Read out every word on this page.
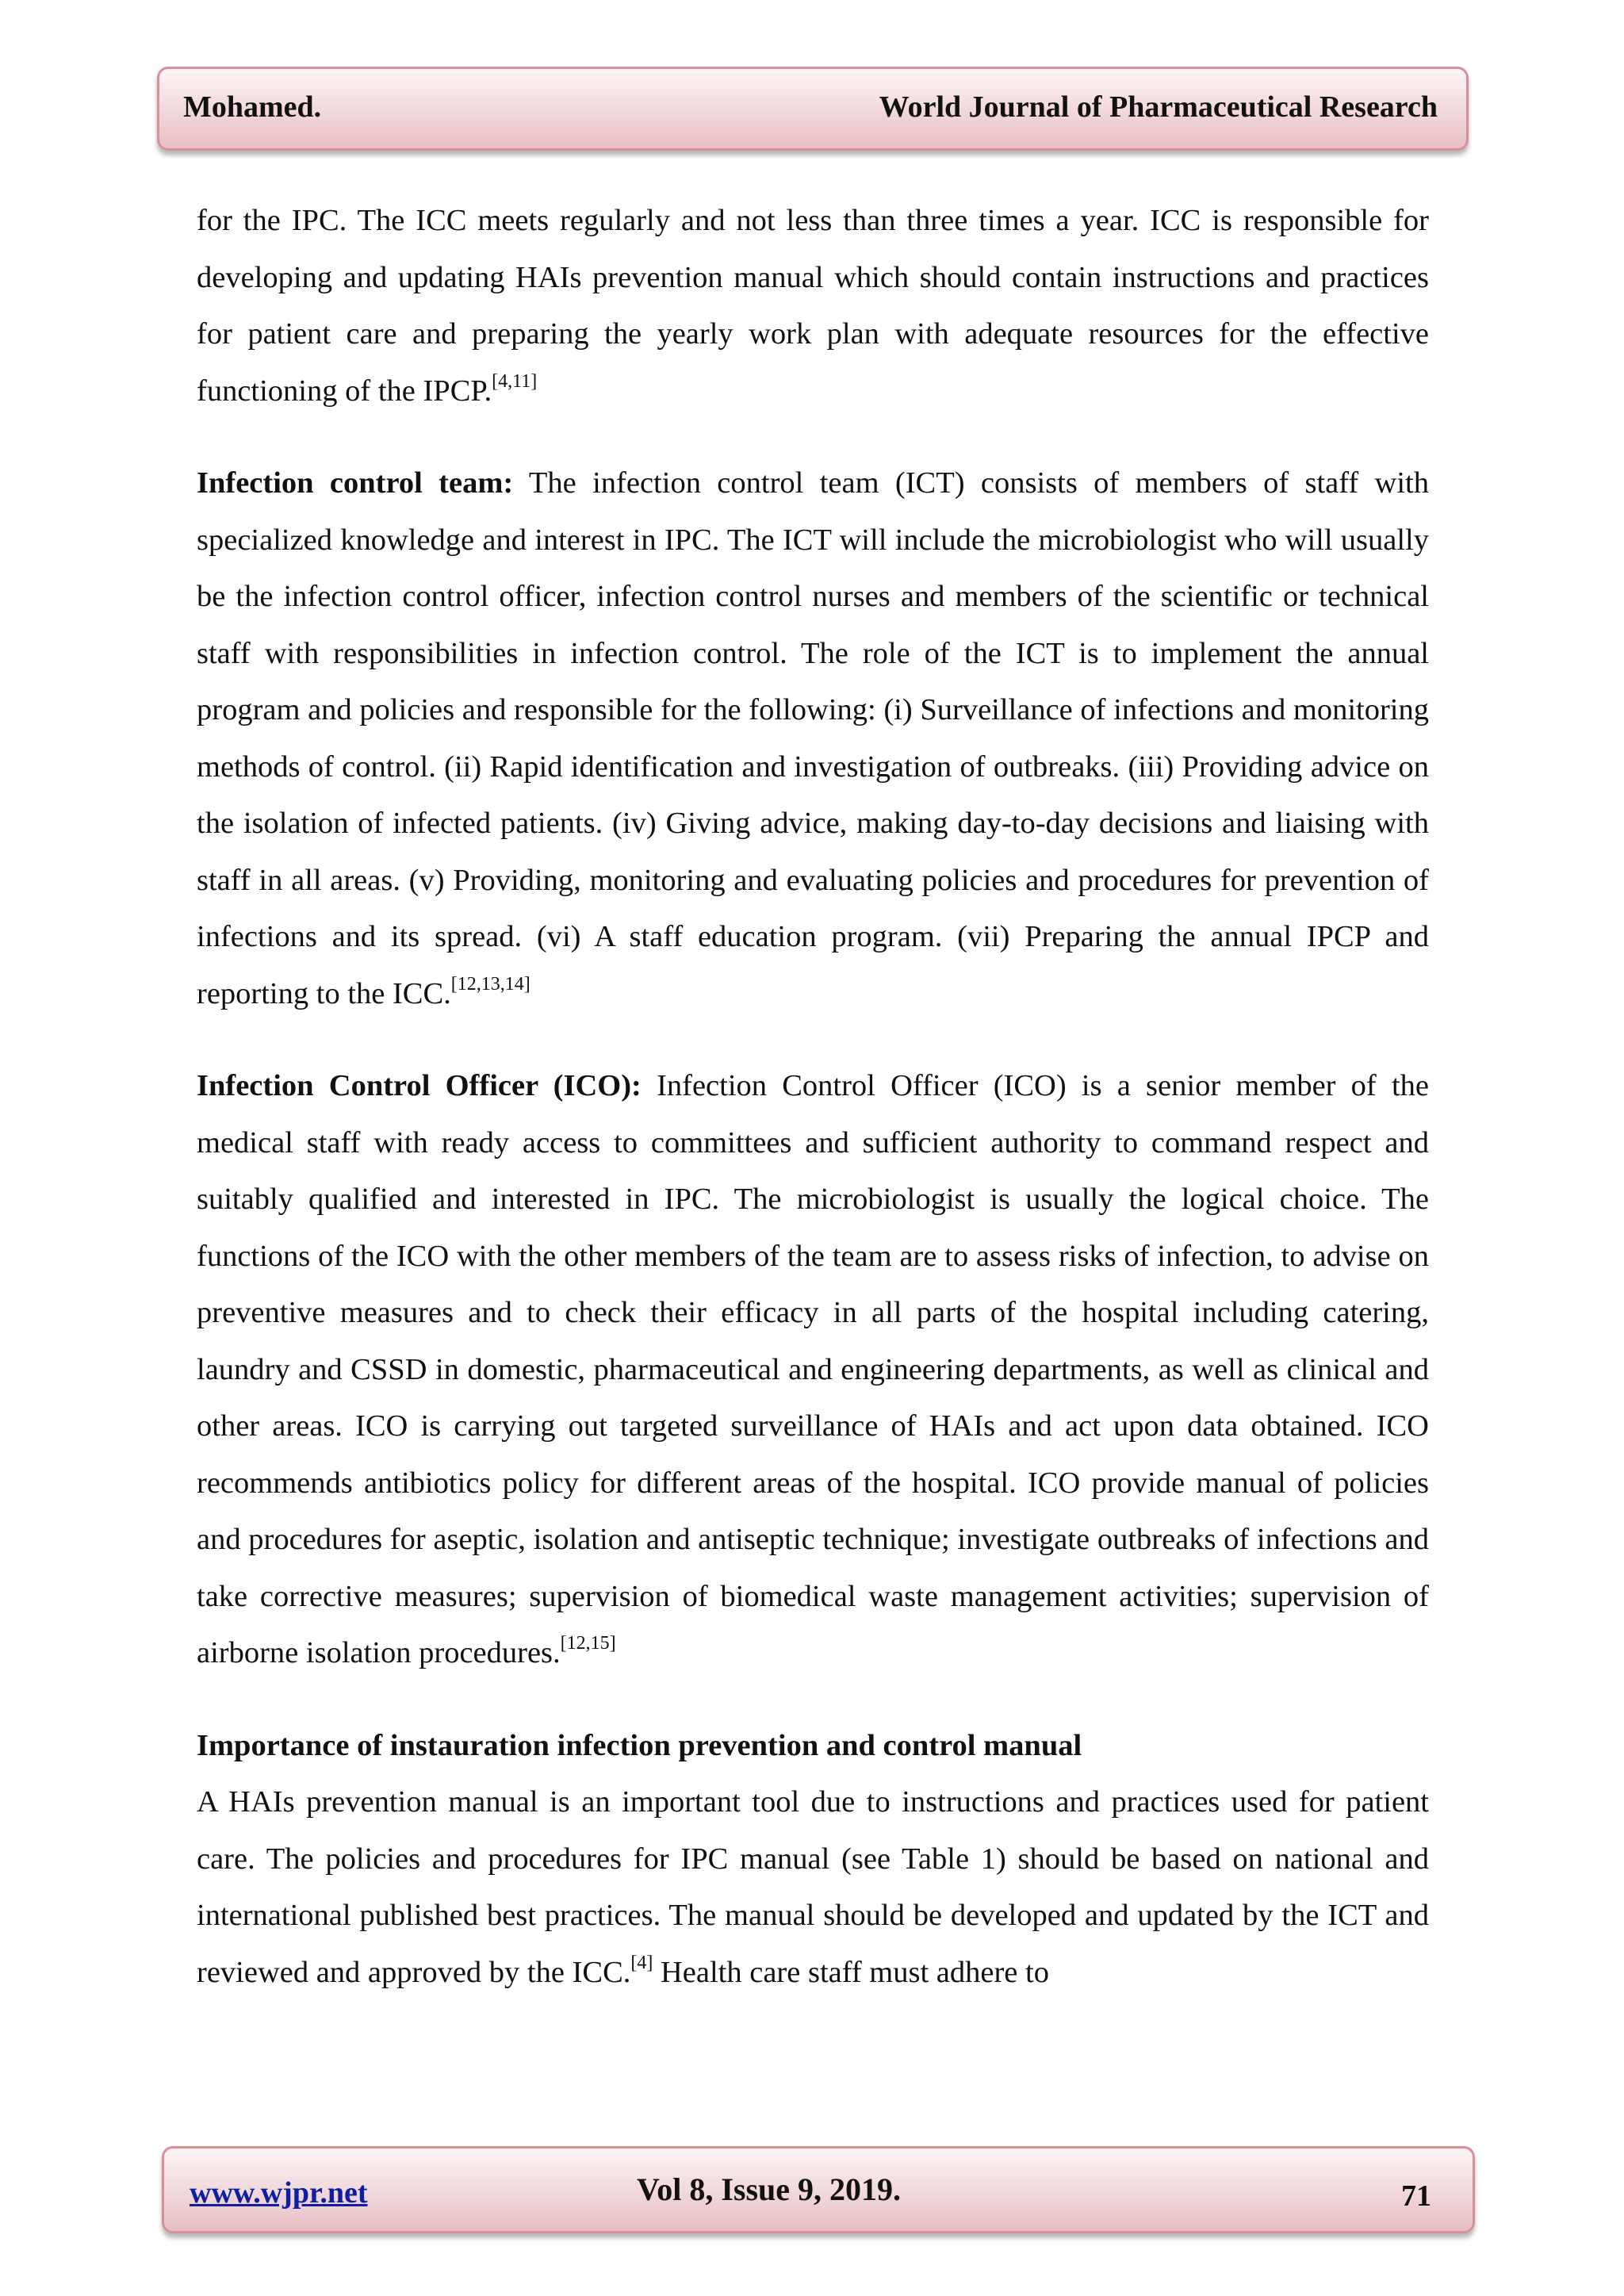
Mohamed.	World Journal of Pharmaceutical Research

for the IPC. The ICC meets regularly and not less than three times a year. ICC is responsible for developing and updating HAIs prevention manual which should contain instructions and practices for patient care and preparing the yearly work plan with adequate resources for the effective functioning of the IPCP.[4,11]

Infection control team: The infection control team (ICT) consists of members of staff with specialized knowledge and interest in IPC. The ICT will include the microbiologist who will usually be the infection control officer, infection control nurses and members of the scientific or technical staff with responsibilities in infection control. The role of the ICT is to implement the annual program and policies and responsible for the following: (i) Surveillance of infections and monitoring methods of control. (ii) Rapid identification and investigation of outbreaks. (iii) Providing advice on the isolation of infected patients. (iv) Giving advice, making day-to-day decisions and liaising with staff in all areas. (v) Providing, monitoring and evaluating policies and procedures for prevention of infections and its spread. (vi) A staff education program. (vii) Preparing the annual IPCP and reporting to the ICC.[12,13,14]

Infection Control Officer (ICO): Infection Control Officer (ICO) is a senior member of the medical staff with ready access to committees and sufficient authority to command respect and suitably qualified and interested in IPC. The microbiologist is usually the logical choice. The functions of the ICO with the other members of the team are to assess risks of infection, to advise on preventive measures and to check their efficacy in all parts of the hospital including catering, laundry and CSSD in domestic, pharmaceutical and engineering departments, as well as clinical and other areas. ICO is carrying out targeted surveillance of HAIs and act upon data obtained. ICO recommends antibiotics policy for different areas of the hospital. ICO provide manual of policies and procedures for aseptic, isolation and antiseptic technique; investigate outbreaks of infections and take corrective measures; supervision of biomedical waste management activities; supervision of airborne isolation procedures.[12,15]

Importance of instauration infection prevention and control manual

A HAIs prevention manual is an important tool due to instructions and practices used for patient care. The policies and procedures for IPC manual (see Table 1) should be based on national and international published best practices. The manual should be developed and updated by the ICT and reviewed and approved by the ICC.[4] Health care staff must adhere to

www.wjpr.net	Vol 8, Issue 9, 2019.	71
